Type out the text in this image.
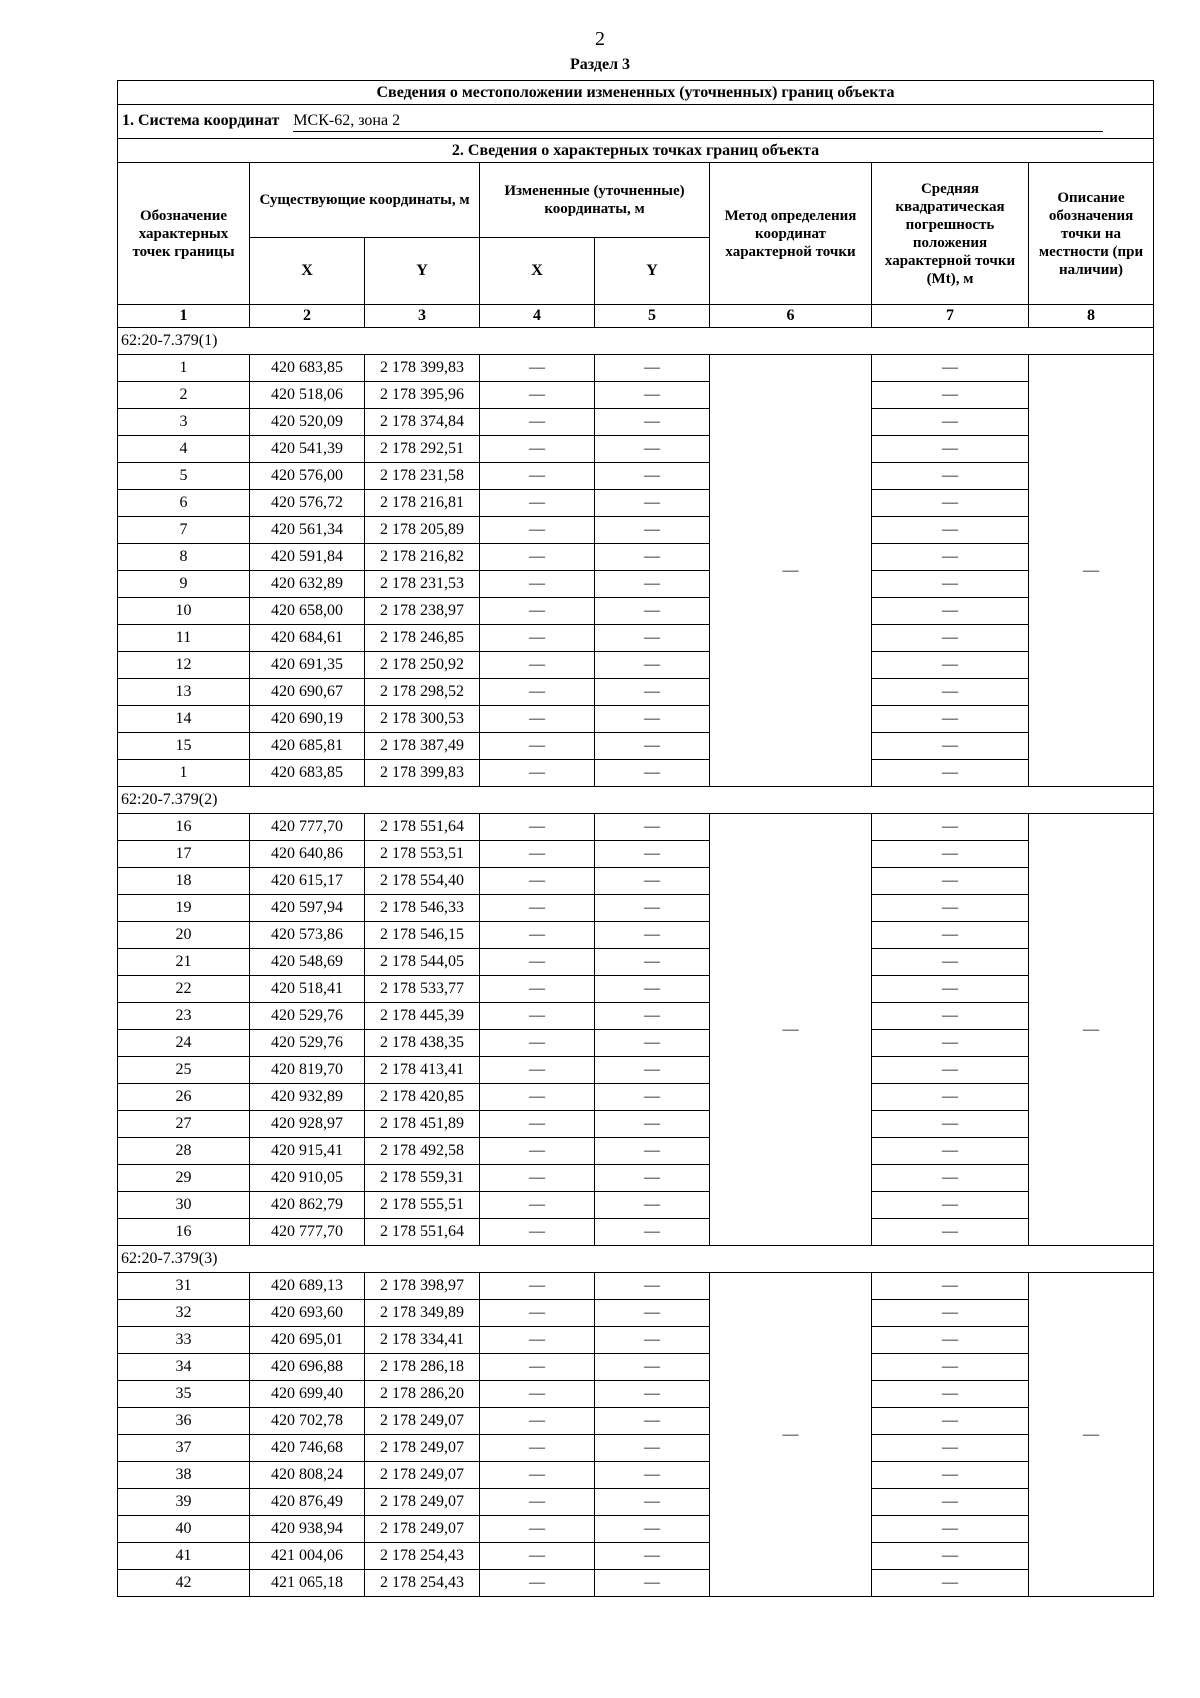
2
Раздел 3
Сведения о местоположении измененных (уточненных) границ объекта							
1. Система координат МСК-62, зона 2							
2. Сведения о характерных точках границ объекта							
Обозначение характерных точек границы	Существующие координаты, м		Измененные (уточненные) координаты, м		Метод определения координат характерной точки	Средняя квадратическая погрешность положения характерной точки (Mt), м	Описание обозначения точки на местности (при наличии)
	X	Y	X	Y			
1	2	3	4	5	6	7	8
62:20-7.379(1)							
1	420 683,85	2 178 399,83	—	—	—	—	—
2	420 518,06	2 178 395,96	—	—		—	
3	420 520,09	2 178 374,84	—	—		—	
4	420 541,39	2 178 292,51	—	—		—	
5	420 576,00	2 178 231,58	—	—		—	
6	420 576,72	2 178 216,81	—	—		—	
7	420 561,34	2 178 205,89	—	—		—	
8	420 591,84	2 178 216,82	—	—		—	
9	420 632,89	2 178 231,53	—	—		—	
10	420 658,00	2 178 238,97	—	—		—	
11	420 684,61	2 178 246,85	—	—		—	
12	420 691,35	2 178 250,92	—	—		—	
13	420 690,67	2 178 298,52	—	—		—	
14	420 690,19	2 178 300,53	—	—		—	
15	420 685,81	2 178 387,49	—	—		—	
1	420 683,85	2 178 399,83	—	—		—	
62:20-7.379(2)							
16	420 777,70	2 178 551,64	—	—	—	—	—
17	420 640,86	2 178 553,51	—	—		—	
18	420 615,17	2 178 554,40	—	—		—	
19	420 597,94	2 178 546,33	—	—		—	
20	420 573,86	2 178 546,15	—	—		—	
21	420 548,69	2 178 544,05	—	—		—	
22	420 518,41	2 178 533,77	—	—		—	
23	420 529,76	2 178 445,39	—	—		—	
24	420 529,76	2 178 438,35	—	—		—	
25	420 819,70	2 178 413,41	—	—		—	
26	420 932,89	2 178 420,85	—	—		—	
27	420 928,97	2 178 451,89	—	—		—	
28	420 915,41	2 178 492,58	—	—		—	
29	420 910,05	2 178 559,31	—	—		—	
30	420 862,79	2 178 555,51	—	—		—	
16	420 777,70	2 178 551,64	—	—		—	
62:20-7.379(3)							
31	420 689,13	2 178 398,97	—	—	—	—	—
32	420 693,60	2 178 349,89	—	—		—	
33	420 695,01	2 178 334,41	—	—		—	
34	420 696,88	2 178 286,18	—	—		—	
35	420 699,40	2 178 286,20	—	—		—	
36	420 702,78	2 178 249,07	—	—		—	
37	420 746,68	2 178 249,07	—	—		—	
38	420 808,24	2 178 249,07	—	—		—	
39	420 876,49	2 178 249,07	—	—		—	
40	420 938,94	2 178 249,07	—	—		—	
41	421 004,06	2 178 254,43	—	—		—	
42	421 065,18	2 178 254,43	—	—		—	
